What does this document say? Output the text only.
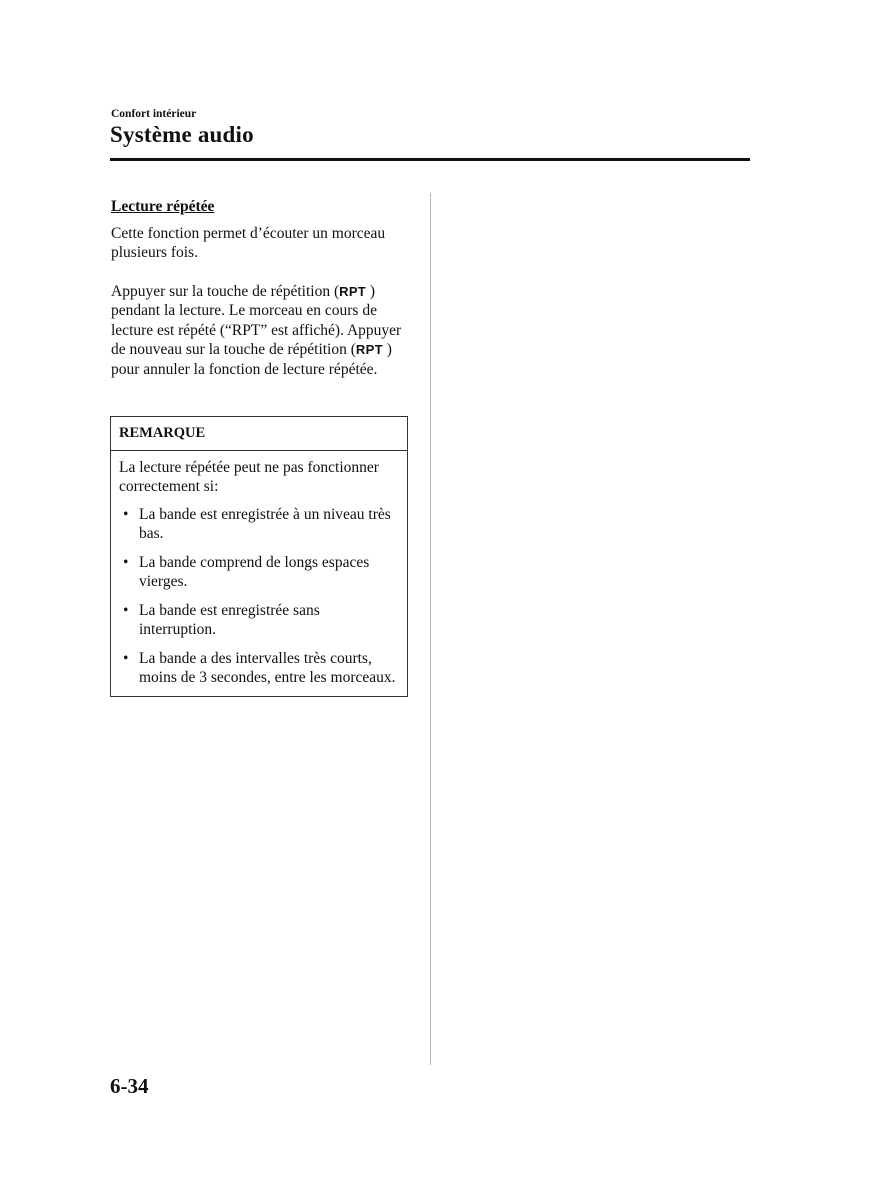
Confort intérieur
Système audio
Lecture répétée

Cette fonction permet d’écouter un morceau plusieurs fois.

Appuyer sur la touche de répétition (RPT ) pendant la lecture. Le morceau en cours de lecture est répété (“RPT” est affiché). Appuyer de nouveau sur la touche de répétition (RPT ) pour annuler la fonction de lecture répétée.

REMARQUE

La lecture répétée peut ne pas fonctionner correctement si:

• La bande est enregistrée à un niveau très bas.
• La bande comprend de longs espaces vierges.
• La bande est enregistrée sans interruption.
• La bande a des intervalles très courts, moins de 3 secondes, entre les morceaux.
6-34
